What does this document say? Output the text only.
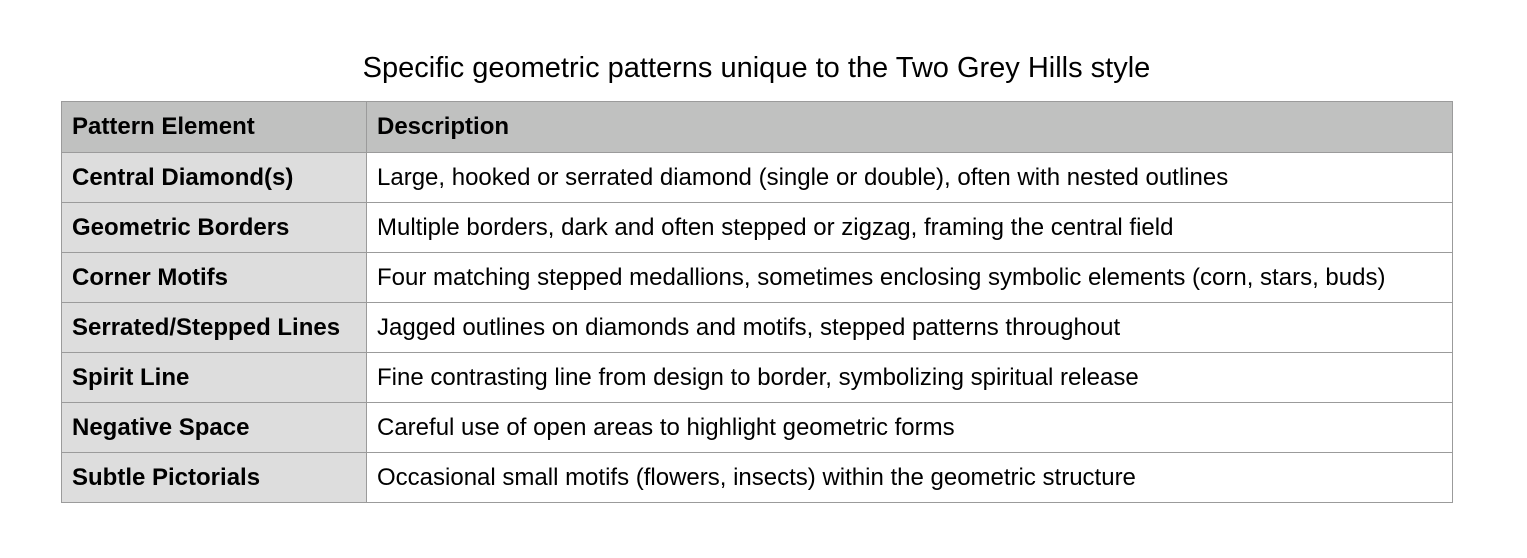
Specific geometric patterns unique to the Two Grey Hills style
Pattern Element	Description
Central Diamond(s)	Large, hooked or serrated diamond (single or double), often with nested outlines
Geometric Borders	Multiple borders, dark and often stepped or zigzag, framing the central field
Corner Motifs	Four matching stepped medallions, sometimes enclosing symbolic elements (corn, stars, buds)
Serrated/Stepped Lines	Jagged outlines on diamonds and motifs, stepped patterns throughout
Spirit Line	Fine contrasting line from design to border, symbolizing spiritual release
Negative Space	Careful use of open areas to highlight geometric forms
Subtle Pictorials	Occasional small motifs (flowers, insects) within the geometric structure
